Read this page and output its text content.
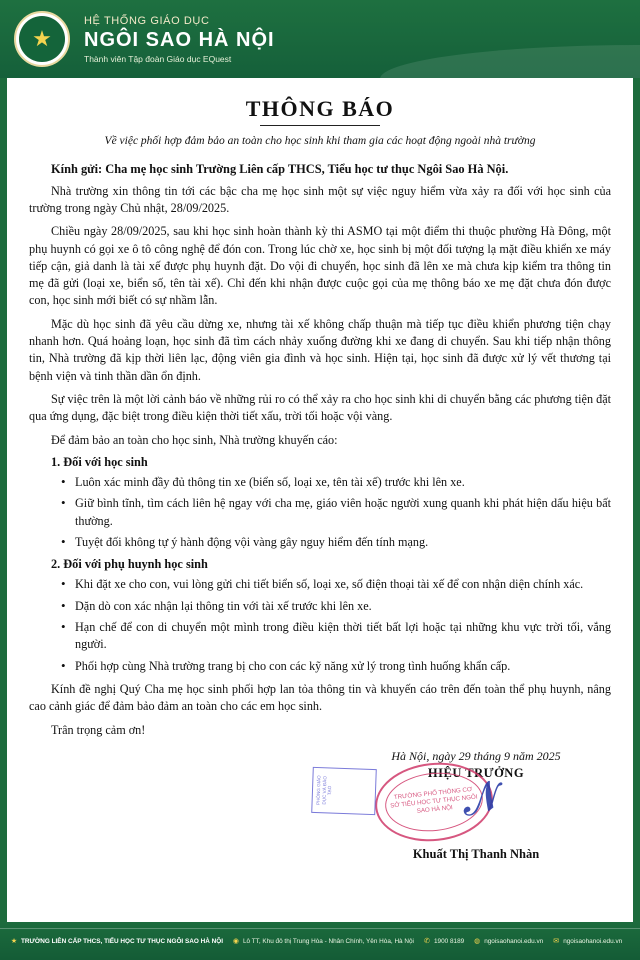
★
HỆ THỐNG GIÁO DỤC
NGÔI SAO HÀ NỘI
Thành viên Tập đoàn Giáo dục EQuest
THÔNG BÁO
Về việc phối hợp đảm bảo an toàn cho học sinh khi tham gia các hoạt động ngoài nhà trường
Kính gửi: Cha mẹ học sinh Trường Liên cấp THCS, Tiểu học tư thục Ngôi Sao Hà Nội.

Nhà trường xin thông tin tới các bậc cha mẹ học sinh một sự việc nguy hiểm vừa xảy ra đối với học sinh của trường trong ngày Chủ nhật, 28/09/2025.

Chiều ngày 28/09/2025, sau khi học sinh hoàn thành kỳ thi ASMO tại một điểm thi thuộc phường Hà Đông, một phụ huynh có gọi xe ô tô công nghệ để đón con. Trong lúc chờ xe, học sinh bị một đối tượng lạ mặt điều khiển xe máy tiếp cận, giả danh là tài xế được phụ huynh đặt. Do vội đi chuyển, học sinh đã lên xe mà chưa kịp kiểm tra thông tin mẹ đã gửi (loại xe, biển số, tên tài xế). Chỉ đến khi nhận được cuộc gọi của mẹ thông báo xe mẹ đặt chưa đón được con, học sinh mới biết có sự nhầm lẫn.

Mặc dù học sinh đã yêu cầu dừng xe, nhưng tài xế không chấp thuận mà tiếp tục điều khiển phương tiện chạy nhanh hơn. Quá hoảng loạn, học sinh đã tìm cách nhảy xuống đường khi xe đang di chuyển. Sau khi tiếp nhận thông tin, Nhà trường đã kịp thời liên lạc, động viên gia đình và học sinh. Hiện tại, học sinh đã được xử lý vết thương tại bệnh viện và tinh thần dần ổn định.

Sự việc trên là một lời cảnh báo về những rủi ro có thể xảy ra cho học sinh khi di chuyển bằng các phương tiện đặt qua ứng dụng, đặc biệt trong điều kiện thời tiết xấu, trời tối hoặc vội vàng.

Để đảm bảo an toàn cho học sinh, Nhà trường khuyến cáo:

1. Đối với học sinh
• Luôn xác minh đầy đủ thông tin xe (biển số, loại xe, tên tài xế) trước khi lên xe.
• Giữ bình tĩnh, tìm cách liên hệ ngay với cha mẹ, giáo viên hoặc người xung quanh khi phát hiện dấu hiệu bất thường.
• Tuyệt đối không tự ý hành động vội vàng gây nguy hiểm đến tính mạng.
2. Đối với phụ huynh học sinh
• Khi đặt xe cho con, vui lòng gửi chi tiết biển số, loại xe, số điện thoại tài xế để con nhận diện chính xác.
• Dặn dò con xác nhận lại thông tin với tài xế trước khi lên xe.
• Hạn chế để con di chuyển một mình trong điều kiện thời tiết bất lợi hoặc tại những khu vực trời tối, vắng người.
• Phối hợp cùng Nhà trường trang bị cho con các kỹ năng xử lý trong tình huống khẩn cấp.

Kính đề nghị Quý Cha mẹ học sinh phối hợp lan tỏa thông tin và khuyến cáo trên đến toàn thể phụ huynh, nâng cao cảnh giác để đảm bảo đảm an toàn cho các em học sinh.

Trân trọng cảm ơn!

Hà Nội, ngày 29 tháng 9 năm 2025
HIỆU TRƯỞNG
TRƯỜNG PHỔ THÔNG CƠ SỞ TIỂU HỌC TƯ THỤC NGÔI SAO HÀ NỘI
PHÒNG GIÁO DỤC VÀ ĐÀO TẠO	𝓝
Khuất Thị Thanh Nhàn
★ TRƯỜNG LIÊN CẤP THCS, TIỂU HỌC TƯ THỤC NGÔI SAO HÀ NỘI ◉ Lô TT, Khu đô thị Trung Hòa - Nhân Chính, Yên Hòa, Hà Nội ✆ 1900 8189 ◍ ngoisaohanoi.edu.vn ✉ ngoisaohanoi.edu.vn
